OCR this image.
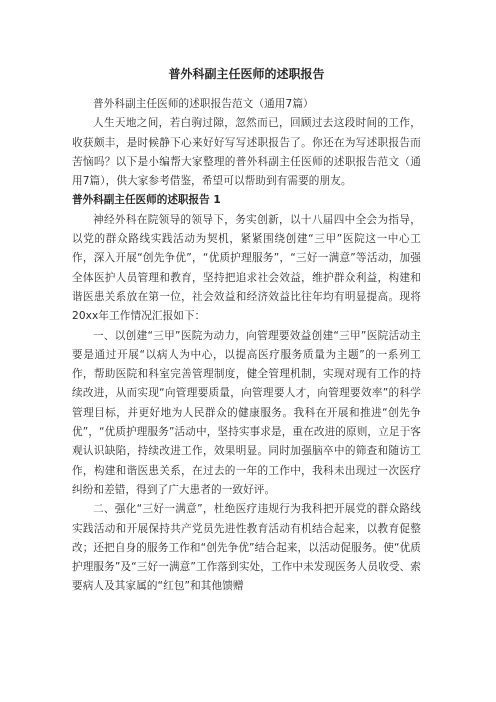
普外科副主任医师的述职报告

普外科副主任医师的述职报告范文（通用7篇）

人生天地之间，若白驹过隙，忽然而已，回顾过去这段时间的工作，收获颇丰，是时候静下心来好好写写述职报告了。你还在为写述职报告而苦恼吗？以下是小编帮大家整理的普外科副主任医师的述职报告范文（通用7篇），供大家参考借鉴，希望可以帮助到有需要的朋友。

普外科副主任医师的述职报告 1

神经外科在院领导的领导下，务实创新，以十八届四中全会为指导，以党的群众路线实践活动为契机，紧紧围绕创建“三甲”医院这一中心工作，深入开展“创先争优”，“优质护理服务”，“三好一满意”等活动，加强全体医护人员管理和教育，坚持把追求社会效益，维护群众利益，构建和谐医患关系放在第一位，社会效益和经济效益比往年均有明显提高。现将20xx年工作情况汇报如下：

一、以创建“三甲”医院为动力，向管理要效益创建“三甲”医院活动主要是通过开展“以病人为中心，以提高医疗服务质量为主题”的一系列工作，帮助医院和科室完善管理制度，健全管理机制，实现对现有工作的持续改进，从而实现“向管理要质量，向管理要人才，向管理要效率”的科学管理目标，并更好地为人民群众的健康服务。我科在开展和推进“创先争优”，“优质护理服务”活动中，坚持实事求是，重在改进的原则，立足于客观认识缺陷，持续改进工作，效果明显。同时加强脑卒中的筛查和随访工作，构建和谐医患关系，在过去的一年的工作中，我科未出现过一次医疗纠纷和差错，得到了广大患者的一致好评。

二、强化“三好一满意”，杜绝医疗违规行为我科把开展党的群众路线实践活动和开展保持共产党员先进性教育活动有机结合起来，以教育促整改；还把自身的服务工作和“创先争优”结合起来，以活动促服务。使“优质护理服务”及“三好一满意”工作落到实处，工作中未发现医务人员收受、索要病人及其家属的“红包”和其他馈赠
